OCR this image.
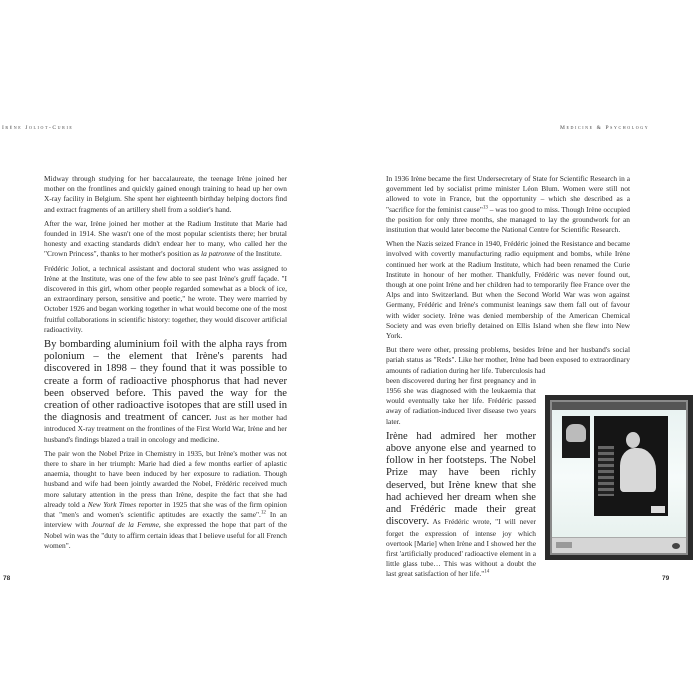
Irène Joliot-Curie	Medicine & Psychology

Midway through studying for her baccalaureate, the teenage Irène joined her mother on the frontlines and quickly gained enough training to head up her own X-ray facility in Belgium. She spent her eighteenth birthday helping doctors find and extract fragments of an artillery shell from a soldier's hand.

After the war, Irène joined her mother at the Radium Institute that Marie had founded in 1914. She wasn't one of the most popular scientists there; her brutal honesty and exacting standards didn't endear her to many, who called her the "Crown Princess", thanks to her mother's position as la patronne of the Institute.

Frédéric Joliot, a technical assistant and doctoral student who was assigned to Irène at the Institute, was one of the few able to see past Irène's gruff façade. "I discovered in this girl, whom other people regarded somewhat as a block of ice, an extraordinary person, sensitive and poetic," he wrote. They were married by October 1926 and began working together in what would become one of the most fruitful collaborations in scientific history: together, they would discover artificial radioactivity.

By bombarding aluminium foil with the alpha rays from polonium – the element that Irène's parents had discovered in 1898 – they found that it was possible to create a form of radioactive phosphorus that had never been observed before. This paved the way for the creation of other radioactive isotopes that are still used in the diagnosis and treatment of cancer. Just as her mother had introduced X-ray treatment on the frontlines of the First World War, Irène and her husband's findings blazed a trail in oncology and medicine.

The pair won the Nobel Prize in Chemistry in 1935, but Irène's mother was not there to share in her triumph: Marie had died a few months earlier of aplastic anaemia, thought to have been induced by her exposure to radiation. Though husband and wife had been jointly awarded the Nobel, Frédéric received much more salutary attention in the press than Irène, despite the fact that she had already told a New York Times reporter in 1925 that she was of the firm opinion that "men's and women's scientific aptitudes are exactly the same".$^{12}$ In an interview with Journal de la Femme, she expressed the hope that part of the Nobel win was the "duty to affirm certain ideas that I believe useful for all French women".

In 1936 Irène became the first Undersecretary of State for Scientific Research in a government led by socialist prime minister Léon Blum. Women were still not allowed to vote in France, but the opportunity – which she described as a "sacrifice for the feminist cause"$^{13}$ – was too good to miss. Though Irène occupied the position for only three months, she managed to lay the groundwork for an institution that would later become the National Centre for Scientific Research.

When the Nazis seized France in 1940, Frédéric joined the Resistance and became involved with covertly manufacturing radio equipment and bombs, while Irène continued her work at the Radium Institute, which had been renamed the Curie Institute in honour of her mother. Thankfully, Frédéric was never found out, though at one point Irène and her children had to temporarily flee France over the Alps and into Switzerland. But when the Second World War was won against Germany, Frédéric and Irène's communist leanings saw them fall out of favour with wider society. Irène was denied membership of the American Chemical Society and was even briefly detained on Ellis Island when she flew into New York.

But there were other, pressing problems, besides Irène and her husband's social pariah status as "Reds". Like her mother, Irène had been exposed to extraordinary amounts of radiation during her life. Tuberculosis had

been discovered during her first pregnancy and in 1956 she was diagnosed with the leukaemia that would eventually take her life. Frédéric passed away of radiation-induced liver disease two years later.

Irène had admired her mother above anyone else and yearned to follow in her footsteps. The Nobel Prize may have been richly deserved, but Irène knew that she had achieved her dream when she and Frédéric made their great discovery. As Frédéric wrote, "I will never forget the expression of intense joy which overtook [Marie] when Irène and I showed her the first 'artificially produced' radioactive element in a little glass tube… This was without a doubt the last great satisfaction of her life."$^{14}$

78	79
